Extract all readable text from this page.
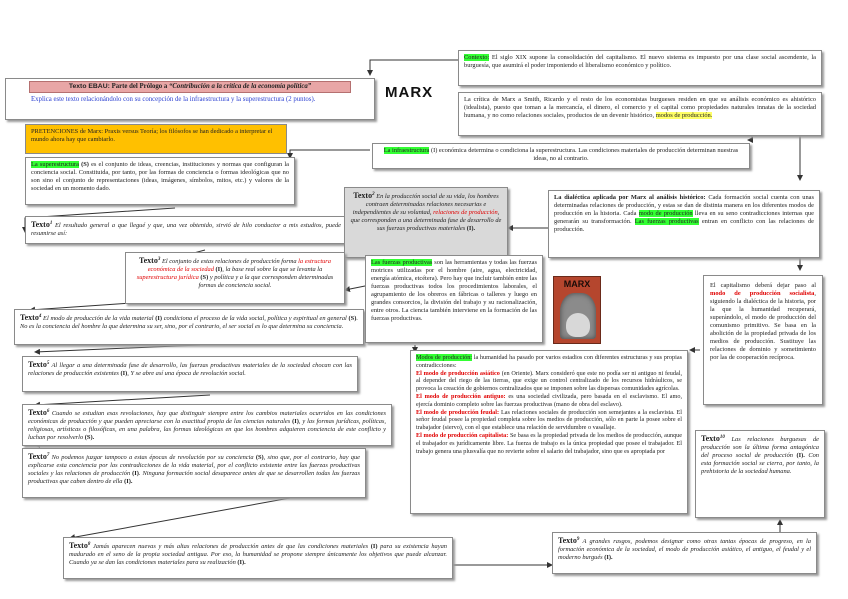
MARX
Texto EBAU: Parte del Prólogo a “Contribución a la crítica de la economía política”
Explica este texto relacionándolo con su concepción de la infraestructura y la superestructura (2 puntos).
PRETENCIONES de Marx: Praxis versus Teoría; los filósofos se han dedicado a interpretar el mundo ahora hay que cambiarlo.
La superestructura (S) es el conjunto de ideas, creencias, instituciones y normas que configuran la conciencia social. Constituida, por tanto, por las formas de conciencia o formas ideológicas que no son sino el conjunto de representaciones (ideas, imágenes, símbolos, mitos, etc.) y valores de la sociedad en un momento dado.
Texto$^1$ El resultado general a que llegué y que, una vez obtenido, sirvió de hilo conductor a mis estudios, puede resumirse así:
Texto$^2$ En la producción social de su vida, los hombres contraen determinadas relaciones necesarias e independientes de su voluntad, relaciones de producción, que corresponden a una determinada fase de desarrollo de sus fuerzas productivas materiales (I).
Texto$^3$ El conjunto de estas relaciones de producción forma la estructura económica de la sociedad (I), la base real sobre la que se levanta la superestructura jurídica (S) y política y a la que corresponden determinadas formas de conciencia social.
Texto$^4$ El modo de producción de la vida material (I) condiciona el proceso de la vida social, política y espiritual en general (S). No es la conciencia del hombre la que determina su ser, sino, por el contrario, el ser social es lo que determina su conciencia.
Texto$^5$ Al llegar a una determinada fase de desarrollo, las fuerzas productivas materiales de la sociedad chocan con las relaciones de producción existentes (I), Y se abre así una época de revolución social.
Texto$^6$ Cuando se estudian esas revoluciones, hay que distinguir siempre entre los cambios materiales ocurridos en las condiciones económicas de producción y que pueden apreciarse con la exactitud propia de las ciencias naturales (I), y las formas jurídicas, políticas, religiosas, artísticas o filosóficas, en una palabra, las formas ideológicas en que los hombres adquieren conciencia de este conflicto y luchan por resolverlo (S).
Texto$^7$ No podemos juzgar tampoco a estas épocas de revolución por su conciencia (S), sino que, por el contrario, hay que explicarse esta conciencia por las contradicciones de la vida material, por el conflicto existente entre las fuerzas productivas sociales y las relaciones de producción (I). Ninguna formación social desaparece antes de que se desarrollen todas las fuerzas productivas que caben dentro de ella (I).
Texto$^8$ Jamás aparecen nuevas y más altas relaciones de producción antes de que las condiciones materiales (I) para su existencia hayan madurado en el seno de la propia sociedad antigua. Por eso, la humanidad se propone siempre únicamente los objetivos que puede alcanzar. Cuando ya se dan las condiciones materiales para su realización (I).
Texto$^9$ A grandes rasgos, podemos designar como otras tantas épocas de progreso, en la formación económica de la sociedad, el modo de producción asiático, el antiguo, el feudal y el moderno burgués (I).
Texto$^{10}$ Las relaciones burguesas de producción son la última forma antagónica del proceso social de producción (I). Con esta formación social se cierra, por tanto, la prehistoria de la sociedad humana.
Contexto: El siglo XIX supone la consolidación del capitalismo. El nuevo sistema es impuesto por una clase social ascendente, la burguesía, que asumirá el poder imponiendo el liberalismo económico y político.
La crítica de Marx a Smith, Ricardo y el resto de los economistas burgueses residen en que su análisis económico es ahistórico (idealista), puesto que toman a la mercancía, el dinero, el comercio y el capital como propiedades naturales innatas de la sociedad humana, y no como relaciones sociales, productos de un devenir histórico, modos de producción.
La infraestructura (I) económica determina o condiciona la superestructura. Las condiciones materiales de producción determinan nuestras ideas, no al contrario.
La dialéctica aplicada por Marx al análisis histórico: Cada formación social cuenta con unas determinadas relaciones de producción, y estas se dan de distinta manera en los diferentes modos de producción en la historia. Cada modo de producción lleva en su seno contradicciones internas que generarán su transformación. Las fuerzas productivas entran en conflicto con las relaciones de producción.
Las fuerzas productivas son las herramientas y todas las fuerzas motrices utilizadas por el hombre (aire, agua, electricidad, energía atómica, etcétera). Pero hay que incluir también entre las fuerzas productivas todos los procedimientos laborales, el agrupamiento de los obreros en fábricas o talleres y luego en grandes consorcios, la división del trabajo y su racionalización, entre otros. La ciencia también interviene en la formación de las fuerzas productivas.
MARX
Modos de producción: la humanidad ha pasado por varios estadios con diferentes estructuras y sus propias contradicciones:
El modo de producción asiático (en Oriente). Marx consideró que este no podía ser ni antiguo ni feudal, al depender del riego de las tierras, que exige un control centralizado de los recursos hidráulicos, se provoca la creación de gobiernos centralizados que se imponen sobre las dispersas comunidades agrícolas.
El modo de producción antiguo: es una sociedad civilizada, pero basada en el esclavismo. El amo, ejercía dominio completo sobre las fuerzas productivas (mano de obra del esclavo).
El modo de producción feudal: Las relaciones sociales de producción son semejantes a la esclavista. El señor feudal posee la propiedad completa sobre los medios de producción, sólo en parte la posee sobre el trabajador (siervo), con el que establece una relación de servidumbre o vasallaje.
El modo de producción capitalista: Se basa es la propiedad privada de los medios de producción, aunque el trabajador es jurídicamente libre. La fuerza de trabajo es la única propiedad que posee el trabajador. El trabajo genera una plusvalía que no revierte sobre el salario del trabajador, sino que es apropiada por
El capitalismo deberá dejar paso al modo de producción socialista, siguiendo la dialéctica de la historia, por la que la humanidad recuperará, superándolo, el modo de producción del comunismo primitivo. Se basa en la abolición de la propiedad privada de los medios de producción. Sustituye las relaciones de dominio y sometimiento por las de cooperación recíproca.
